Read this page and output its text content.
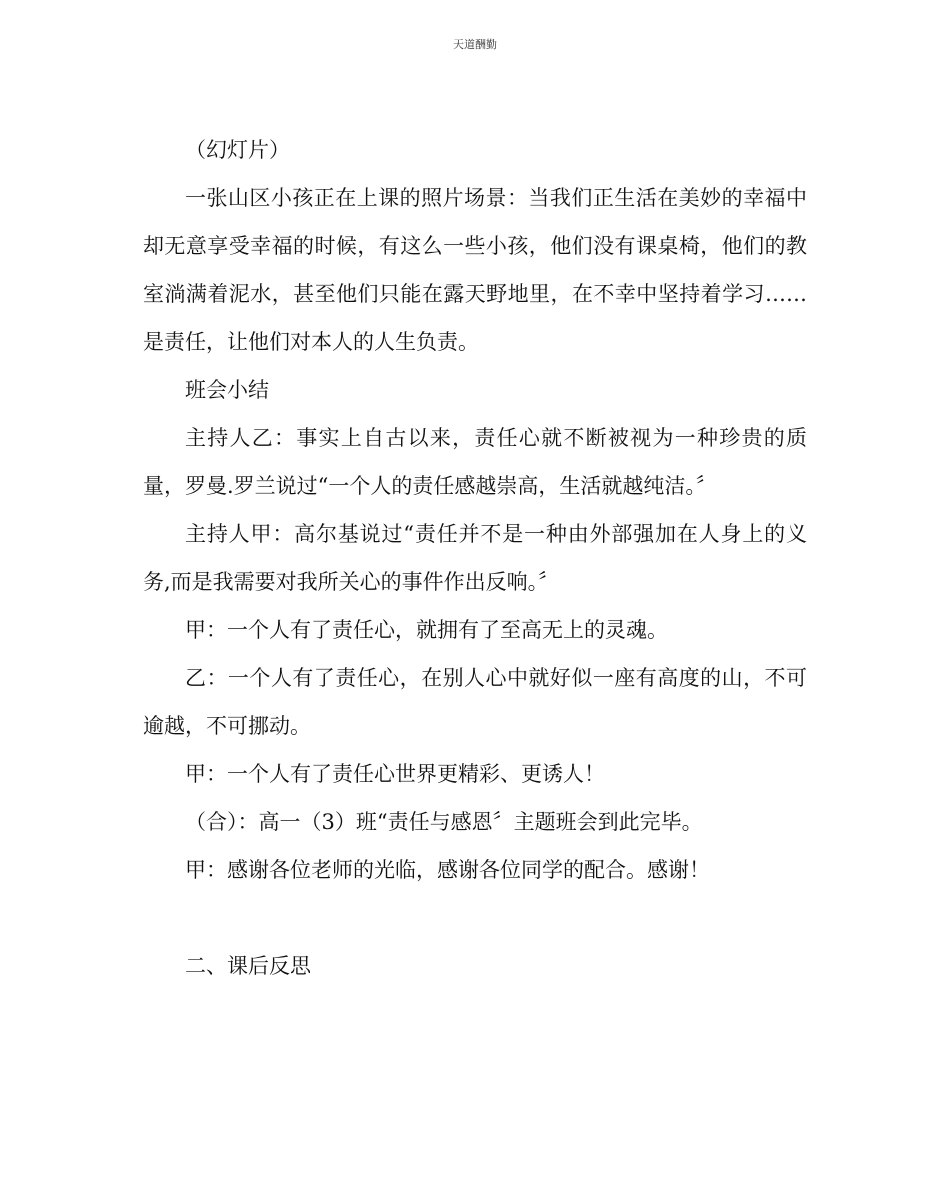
天道酬勤

（幻灯片）

一张山区小孩正在上课的照片场景：当我们正生活在美妙的幸福中却无意享受幸福的时候，有这么一些小孩，他们没有课桌椅，他们的教室淌满着泥水，甚至他们只能在露天野地里，在不幸中坚持着学习……是责任，让他们对本人的人生负责。

班会小结

主持人乙：事实上自古以来，责任心就不断被视为一种珍贵的质量，罗曼.罗兰说过“一个人的责任感越崇高，生活就越纯洁。〞

主持人甲：高尔基说过“责任并不是一种由外部强加在人身上的义务,而是我需要对我所关心的事件作出反响。〞

甲：一个人有了责任心，就拥有了至高无上的灵魂。

乙：一个人有了责任心，在别人心中就好似一座有高度的山，不可逾越，不可挪动。

甲：一个人有了责任心世界更精彩、更诱人！

（合）：高一（3）班“责任与感恩〞主题班会到此完毕。

甲：感谢各位老师的光临，感谢各位同学的配合。感谢！

二、课后反思
